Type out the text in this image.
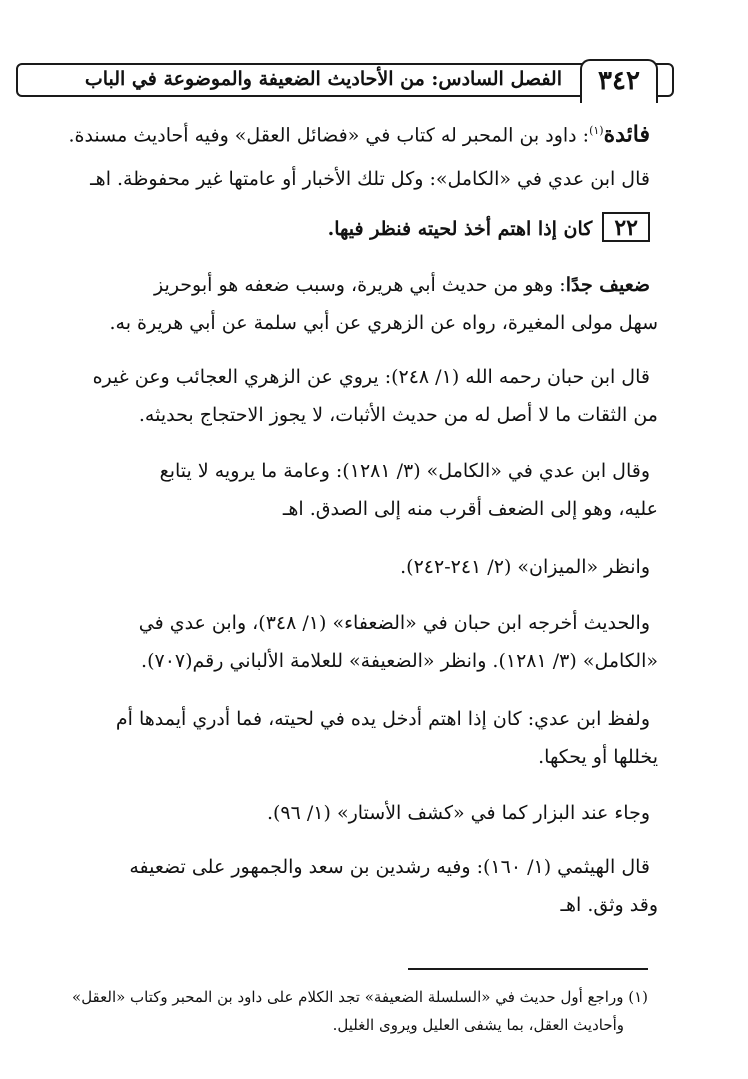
٣٤٢
الفصل السادس: من الأحاديث الضعيفة والموضوعة في الباب
فائدة$^{(١)}$: داود بن المحبر له كتاب في «فضائل العقل» وفيه أحاديث مسندة.
قال ابن عدي في «الكامل»: وكل تلك الأخبار أو عامتها غير محفوظة. اهـ
٢٢كان إذا اهتم أخذ لحيته فنظر فيها.
ضعيف جدًا: وهو من حديث أبي هريرة، وسبب ضعفه هو أبوحريز
سهل مولى المغيرة، رواه عن الزهري عن أبي سلمة عن أبي هريرة به.
قال ابن حبان رحمه الله (١/ ٢٤٨): يروي عن الزهري العجائب وعن غيره
من الثقات ما لا أصل له من حديث الأثبات، لا يجوز الاحتجاج بحديثه.
وقال ابن عدي في «الكامل» (٣/ ١٢٨١): وعامة ما يرويه لا يتابع
عليه، وهو إلى الضعف أقرب منه إلى الصدق. اهـ
وانظر «الميزان» (٢/ ٢٤١-٢٤٢).
والحديث أخرجه ابن حبان في «الضعفاء» (١/ ٣٤٨)، وابن عدي في
«الكامل» (٣/ ١٢٨١). وانظر «الضعيفة» للعلامة الألباني رقم(٧٠٧).
ولفظ ابن عدي: كان إذا اهتم أدخل يده في لحيته، فما أدري أيمدها أم
يخللها أو يحكها.
وجاء عند البزار كما في «كشف الأستار» (١/ ٩٦).
قال الهيثمي (١/ ١٦٠): وفيه رشدين بن سعد والجمهور على تضعيفه
وقد وثق. اهـ
(١) وراجع أول حديث في «السلسلة الضعيفة» تجد الكلام على داود بن المحبر وكتاب «العقل»
وأحاديث العقل، بما يشفى العليل ويروى الغليل.
